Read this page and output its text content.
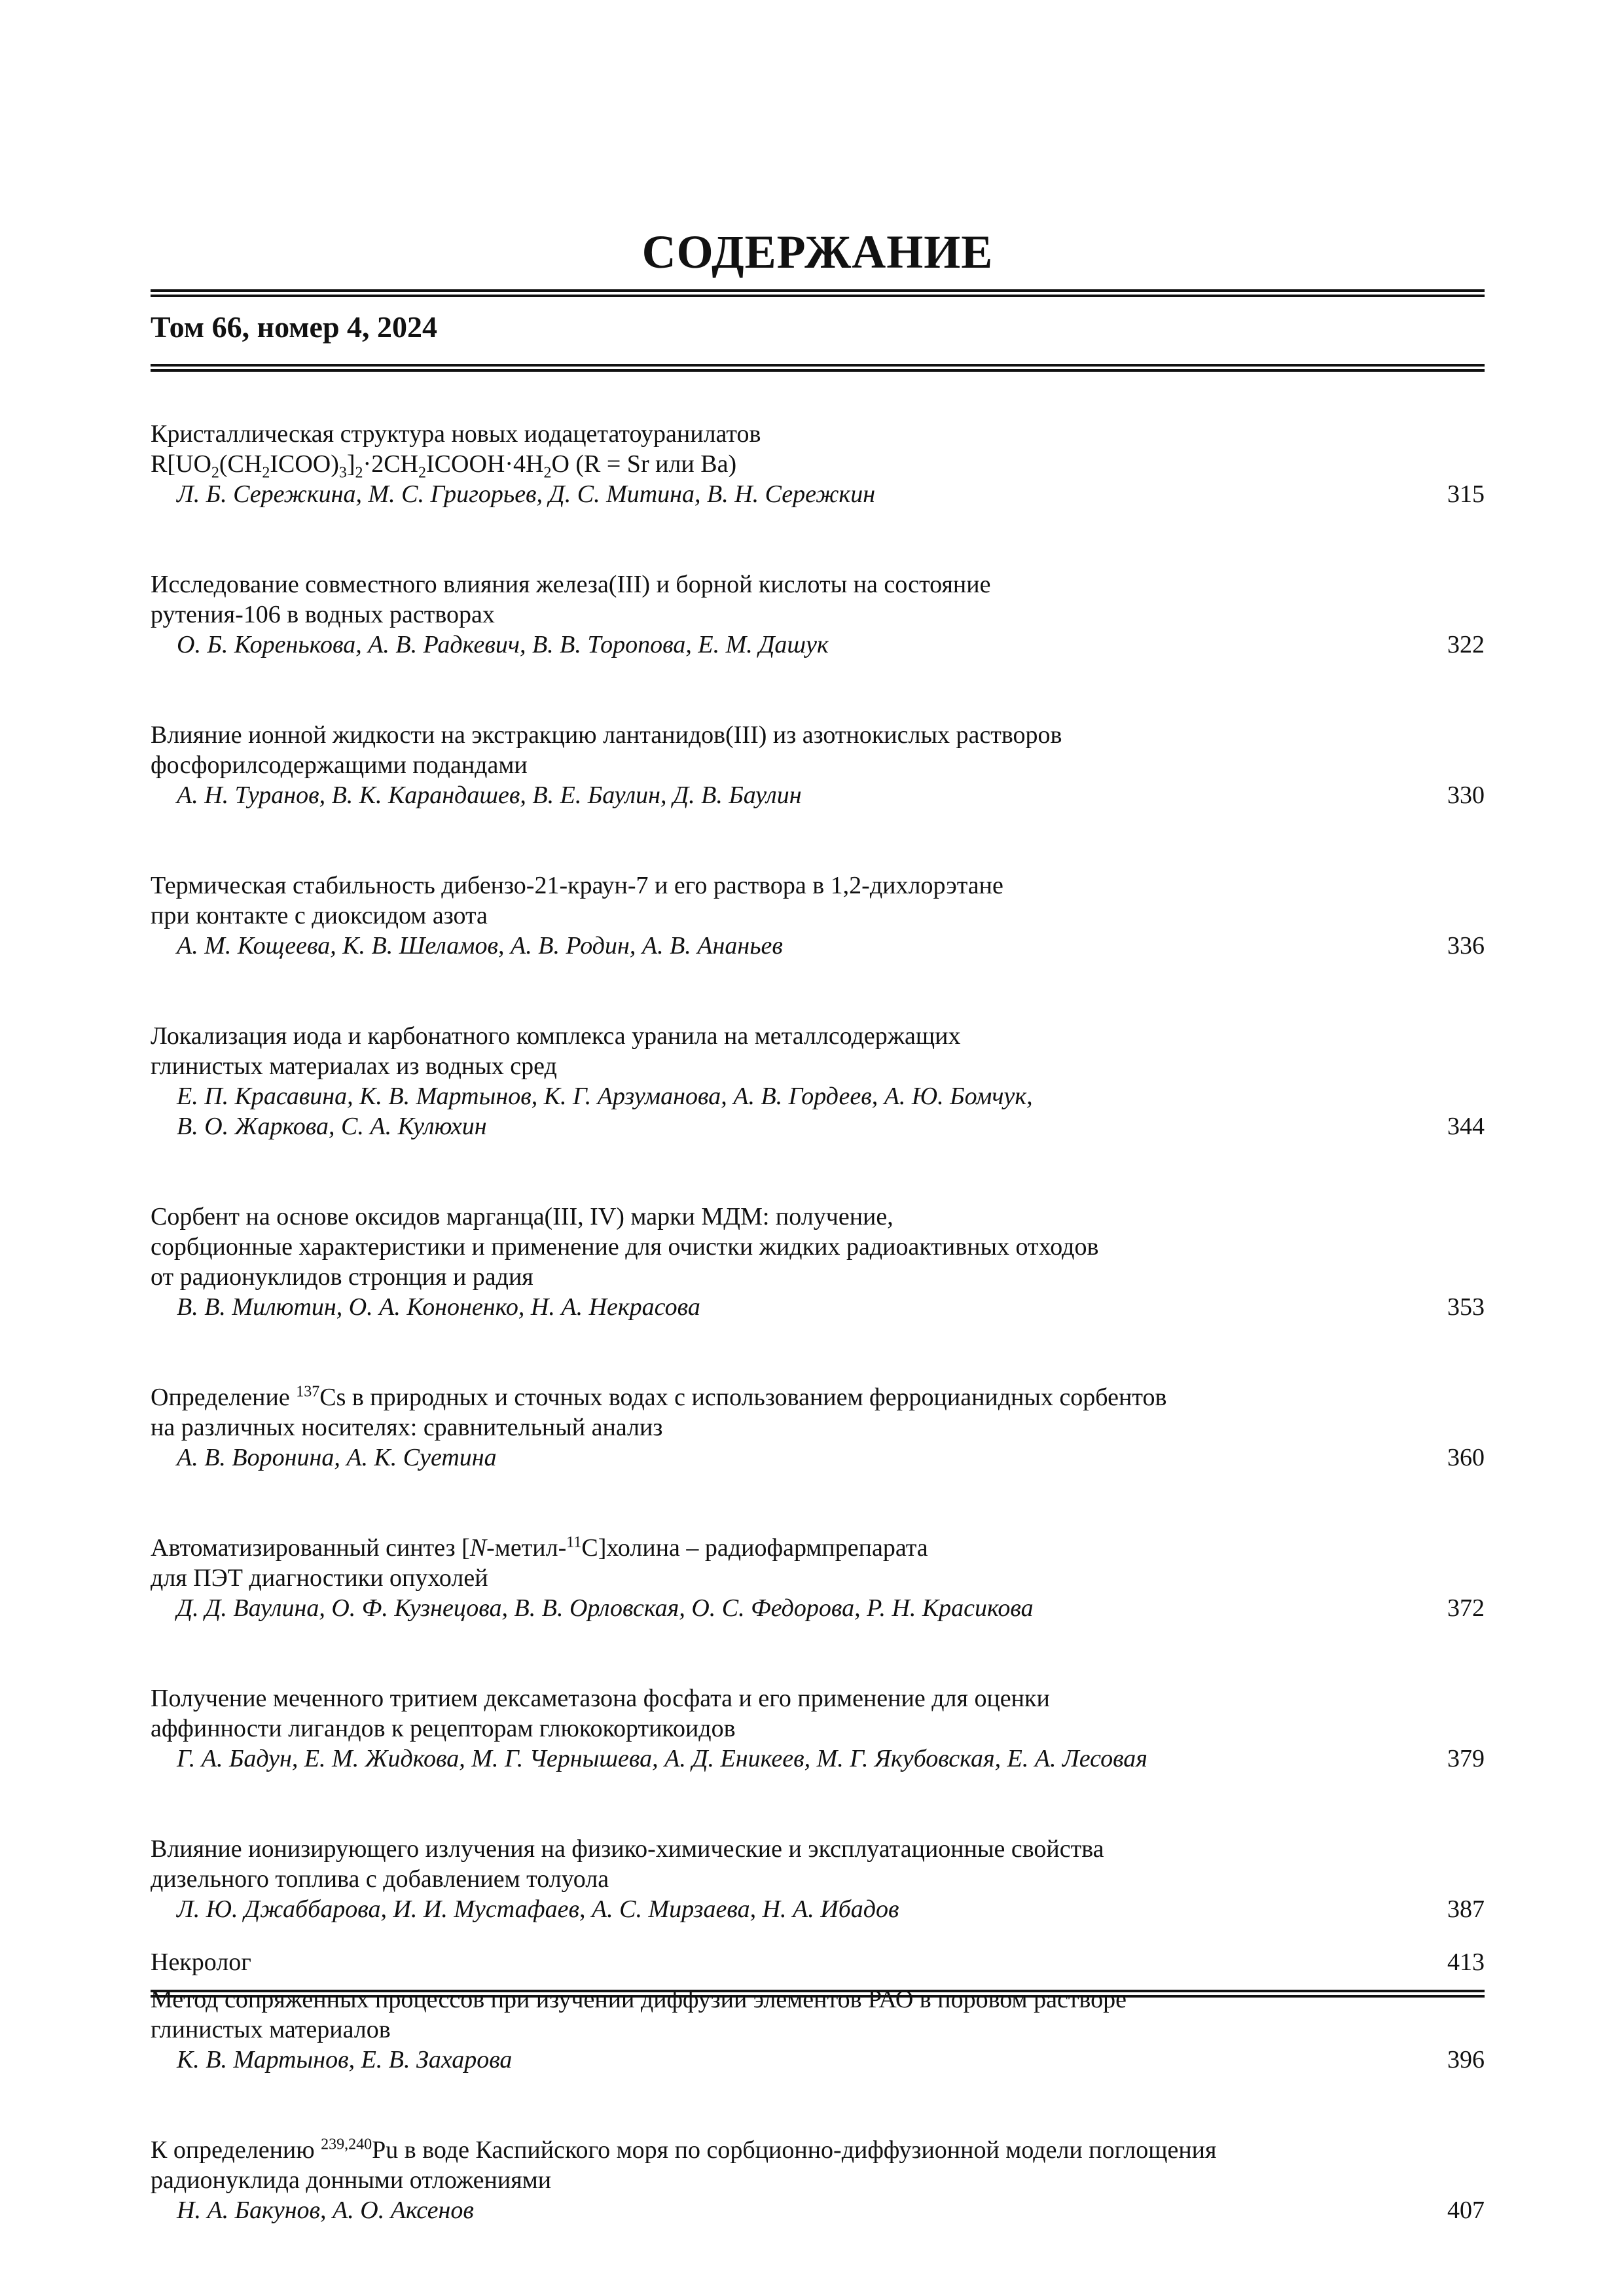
СОДЕРЖАНИЕ
Том 66, номер 4, 2024
Кристаллическая структура новых иодацетатоуранилатов
$R[UO_2(CH_2ICOO)_3]_2\cdot 2CH_2ICOOH\cdot 4H_2O$ (R = Sr или Ba)
Л. Б. Сережкина, М. С. Григорьев, Д. С. Митина, В. Н. Сережкин	315
Исследование совместного влияния железа(III) и борной кислоты на состояние
рутения-106 в водных растворах
О. Б. Коренькова, А. В. Радкевич, В. В. Торопова, Е. М. Дашук	322
Влияние ионной жидкости на экстракцию лантанидов(III) из азотнокислых растворов
фосфорилсодержащими подандами
А. Н. Туранов, В. К. Карандашев, В. Е. Баулин, Д. В. Баулин	330
Термическая стабильность дибензо-21-краун-7 и его раствора в 1,2-дихлорэтане
при контакте с диоксидом азота
А. М. Кощеева, К. В. Шеламов, А. В. Родин, А. В. Ананьев	336
Локализация иода и карбонатного комплекса уранила на металлсодержащих
глинистых материалах из водных сред
Е. П. Красавина, К. В. Мартынов, К. Г. Арзуманова, А. В. Гордеев, А. Ю. Бомчук,
В. О. Жаркова, С. А. Кулюхин	344
Сорбент на основе оксидов марганца(III, IV) марки МДМ: получение,
сорбционные характеристики и применение для очистки жидких радиоактивных отходов
от радионуклидов стронция и радия
В. В. Милютин, О. А. Кононенко, Н. А. Некрасова	353
Определение $^{137}$Cs в природных и сточных водах с использованием ферроцианидных сорбентов
на различных носителях: сравнительный анализ
А. В. Воронина, А. К. Суетина	360
Автоматизированный синтез [N-метил-$^{11}$C]холина – радиофармпрепарата
для ПЭТ диагностики опухолей
Д. Д. Ваулина, О. Ф. Кузнецова, В. В. Орловская, О. С. Федорова, Р. Н. Красикова	372
Получение меченного тритием дексаметазона фосфата и его применение для оценки
аффинности лигандов к рецепторам глюкокортикоидов
Г. А. Бадун, Е. М. Жидкова, М. Г. Чернышева, А. Д. Еникеев, М. Г. Якубовская, Е. А. Лесовая	379
Влияние ионизирующего излучения на физико-химические и эксплуатационные свойства
дизельного топлива с добавлением толуола
Л. Ю. Джаббарова, И. И. Мустафаев, А. С. Мирзаева, Н. А. Ибадов	387
Метод сопряженных процессов при изучении диффузии элементов РАО в поровом растворе
глинистых материалов
К. В. Мартынов, Е. В. Захарова	396
К определению $^{239,240}$Pu в воде Каспийского моря по сорбционно-диффузионной модели поглощения
радионуклида донными отложениями
Н. А. Бакунов, А. О. Аксенов	407
Некролог	413
